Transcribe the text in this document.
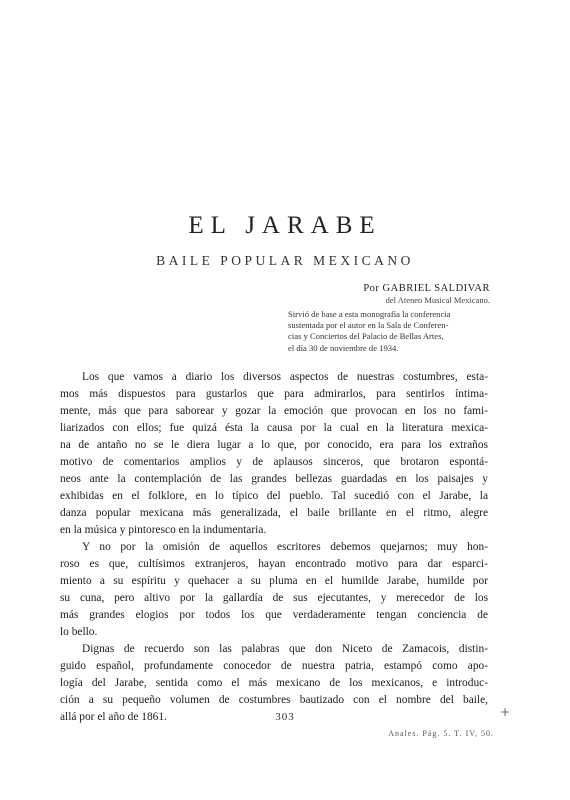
EL JARABE
BAILE POPULAR MEXICANO
Por GABRIEL SALDIVAR
del Ateneo Musical Mexicano.
Sirvió de base a esta monografía la conferencia
sustentada por el autor en la Sala de Conferen-
cias y Conciertos del Palacio de Bellas Artes,
el día 30 de noviembre de 1934.
Los que vamos a diario los diversos aspectos de nuestras costumbres, esta-
mos más dispuestos para gustarlos que para admirarlos, para sentirlos íntima-
mente, más que para saborear y gozar la emoción que provocan en los no fami-
liarizados con ellos; fue quizá ésta la causa por la cual en la literatura mexica-
na de antaño no se le diera lugar a lo que, por conocido, era para los extraños
motivo de comentarios amplios y de aplausos sinceros, que brotaron espontá-
neos ante la contemplación de las grandes bellezas guardadas en los paisajes y
exhibidas en el folklore, en lo típico del pueblo. Tal sucedió con el Jarabe, la
danza popular mexicana más generalizada, el baile brillante en el ritmo, alegre
en la música y pintoresco en la indumentaria.
Y no por la omisión de aquellos escritores debemos quejarnos; muy hon-
roso es que, cultísimos extranjeros, hayan encontrado motivo para dar esparci-
miento a su espíritu y quehacer a su pluma en el humilde Jarabe, humilde por
su cuna, pero altivo por la gallardía de sus ejecutantes, y merecedor de los
más grandes elogios por todos los que verdaderamente tengan conciencia de
lo bello.
Dignas de recuerdo son las palabras que don Niceto de Zamacois, distin-
guido español, profundamente conocedor de nuestra patria, estampó como apo-
logía del Jarabe, sentida como el más mexicano de los mexicanos, e introduc-
ción a su pequeño volumen de costumbres bautizado con el nombre del baile,
allá por el año de 1861.	303	+
Anales. Pág. 5. T. IV, 50.
